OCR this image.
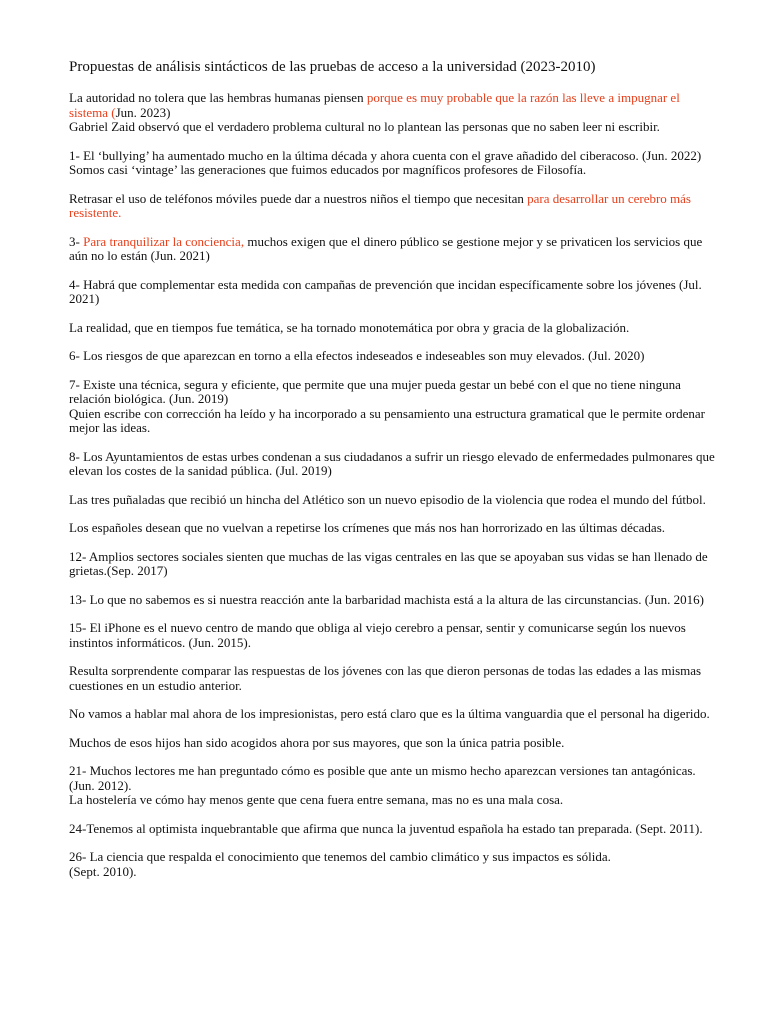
Propuestas de análisis sintácticos de las pruebas de acceso a la universidad (2023-2010)
La autoridad no tolera que las hembras humanas piensen porque es muy probable que la razón las lleve a impugnar el sistema (Jun. 2023)
Gabriel Zaid observó que el verdadero problema cultural no lo plantean las personas que no saben leer ni escribir.
1- El ‘bullying’ ha aumentado mucho en la última década y ahora cuenta con el grave añadido del ciberacoso. (Jun. 2022)
Somos casi ‘vintage’ las generaciones que fuimos educados por magníficos profesores de Filosofía.
Retrasar el uso de teléfonos móviles puede dar a nuestros niños el tiempo que necesitan para desarrollar un cerebro más resistente.
3- Para tranquilizar la conciencia, muchos exigen que el dinero público se gestione mejor y se privaticen los servicios que aún no lo están (Jun. 2021)
4- Habrá que complementar esta medida con campañas de prevención que incidan específicamente sobre los jóvenes (Jul. 2021)
La realidad, que en tiempos fue temática, se ha tornado monotemática por obra y gracia de la globalización.
6- Los riesgos de que aparezcan en torno a ella efectos indeseados e indeseables son muy elevados. (Jul. 2020)
7- Existe una técnica, segura y eficiente, que permite que una mujer pueda gestar un bebé con el que no tiene ninguna relación biológica. (Jun. 2019)
Quien escribe con corrección ha leído y ha incorporado a su pensamiento una estructura gramatical que le permite ordenar mejor las ideas.
8- Los Ayuntamientos de estas urbes condenan a sus ciudadanos a sufrir un riesgo elevado de enfermedades pulmonares que elevan los costes de la sanidad pública. (Jul. 2019)
Las tres puñaladas que recibió un hincha del Atlético son un nuevo episodio de la violencia que rodea el mundo del fútbol.
Los españoles desean que no vuelvan a repetirse los crímenes que más nos han horrorizado en las últimas décadas.
12- Amplios sectores sociales sienten que muchas de las vigas centrales en las que se apoyaban sus vidas se han llenado de grietas.(Sep. 2017)
13- Lo que no sabemos es si nuestra reacción ante la barbaridad machista está a la altura de las circunstancias. (Jun. 2016)
15- El iPhone es el nuevo centro de mando que obliga al viejo cerebro a pensar, sentir y comunicarse según los nuevos instintos informáticos. (Jun. 2015).
Resulta sorprendente comparar las respuestas de los jóvenes con las que dieron personas de todas las edades a las mismas cuestiones en un estudio anterior.
No vamos a hablar mal ahora de los impresionistas, pero está claro que es la última vanguardia que el personal ha digerido.
Muchos de esos hijos han sido acogidos ahora por sus mayores, que son la única patria posible.
21- Muchos lectores me han preguntado cómo es posible que ante un mismo hecho aparezcan versiones tan antagónicas. (Jun. 2012).
La hostelería ve cómo hay menos gente que cena fuera entre semana, mas no es una mala cosa.
24-Tenemos al optimista inquebrantable que afirma que nunca la juventud española ha estado tan preparada. (Sept. 2011).
26- La ciencia que respalda el conocimiento que tenemos del cambio climático y sus impactos es sólida.
(Sept. 2010).
